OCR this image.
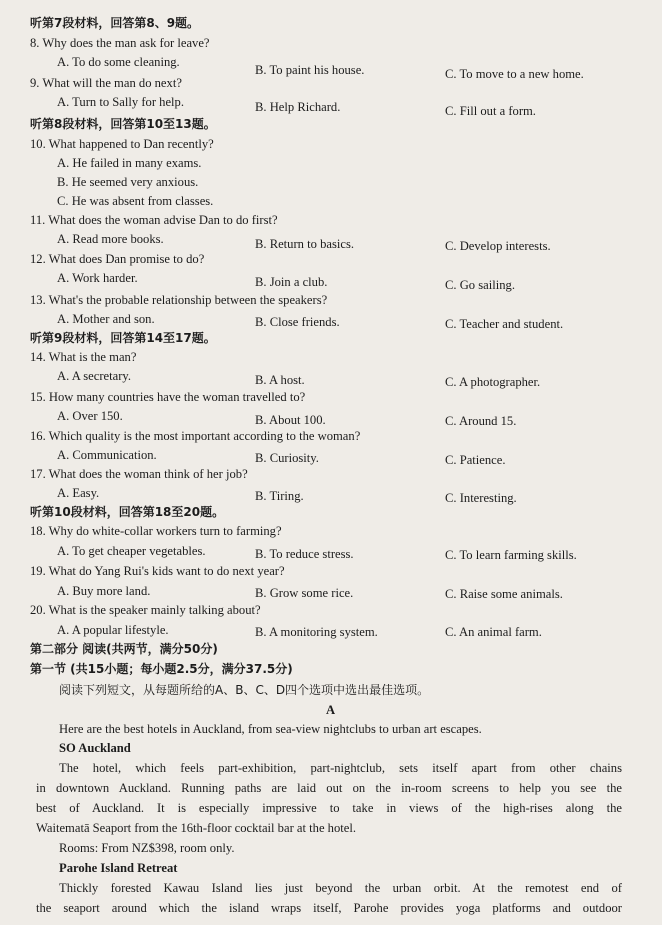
听第7段材料，回答第8、9题。
8. Why does the man ask for leave?
A. To do some cleaning.
B. To paint his house.	C. To move to a new home.
9. What will the man do next?
A. Turn to Sally for help.	B. Help Richard.	C. Fill out a form.
听第8段材料，回答第10至13题。
10. What happened to Dan recently?
A. He failed in many exams.
B. He seemed very anxious.
C. He was absent from classes.
11. What does the woman advise Dan to do first?
A. Read more books.	B. Return to basics.	C. Develop interests.
12. What does Dan promise to do?
A. Work harder.	B. Join a club.	C. Go sailing.
13. What's the probable relationship between the speakers?
A. Mother and son.	B. Close friends.	C. Teacher and student.
听第9段材料，回答第14至17题。
14. What is the man?
A. A secretary.	B. A host.	C. A photographer.
15. How many countries have the woman travelled to?
A. Over 150.	B. About 100.	C. Around 15.
16. Which quality is the most important according to the woman?
A. Communication.	B. Curiosity.	C. Patience.
17. What does the woman think of her job?
A. Easy.	B. Tiring.	C. Interesting.
听第10段材料，回答第18至20题。
18. Why do white-collar workers turn to farming?
A. To get cheaper vegetables.	B. To reduce stress.	C. To learn farming skills.
19. What do Yang Rui's kids want to do next year?
A. Buy more land.	B. Grow some rice.	C. Raise some animals.
20. What is the speaker mainly talking about?
A. A popular lifestyle.	B. A monitoring system.	C. An animal farm.
第二部分 阅读(共两节，满分50分)
第一节 (共15小题；每小题2.5分，满分37.5分)
阅读下列短文，从每题所给的A、B、C、D四个选项中选出最佳选项。
A
Here are the best hotels in Auckland, from sea-view nightclubs to urban art escapes.
SO Auckland
The hotel, which feels part-exhibition, part-nightclub, sets itself apart from other chains
in downtown Auckland. Running paths are laid out on the in-room screens to help you see the
best of Auckland. It is especially impressive to take in views of the high-rises along the
Waitematā Seaport from the 16th-floor cocktail bar at the hotel.
Rooms: From NZ$398, room only.
Parohe Island Retreat
Thickly forested Kawau Island lies just beyond the urban orbit. At the remotest end of
the seaport around which the island wraps itself, Parohe provides yoga platforms and outdoor
